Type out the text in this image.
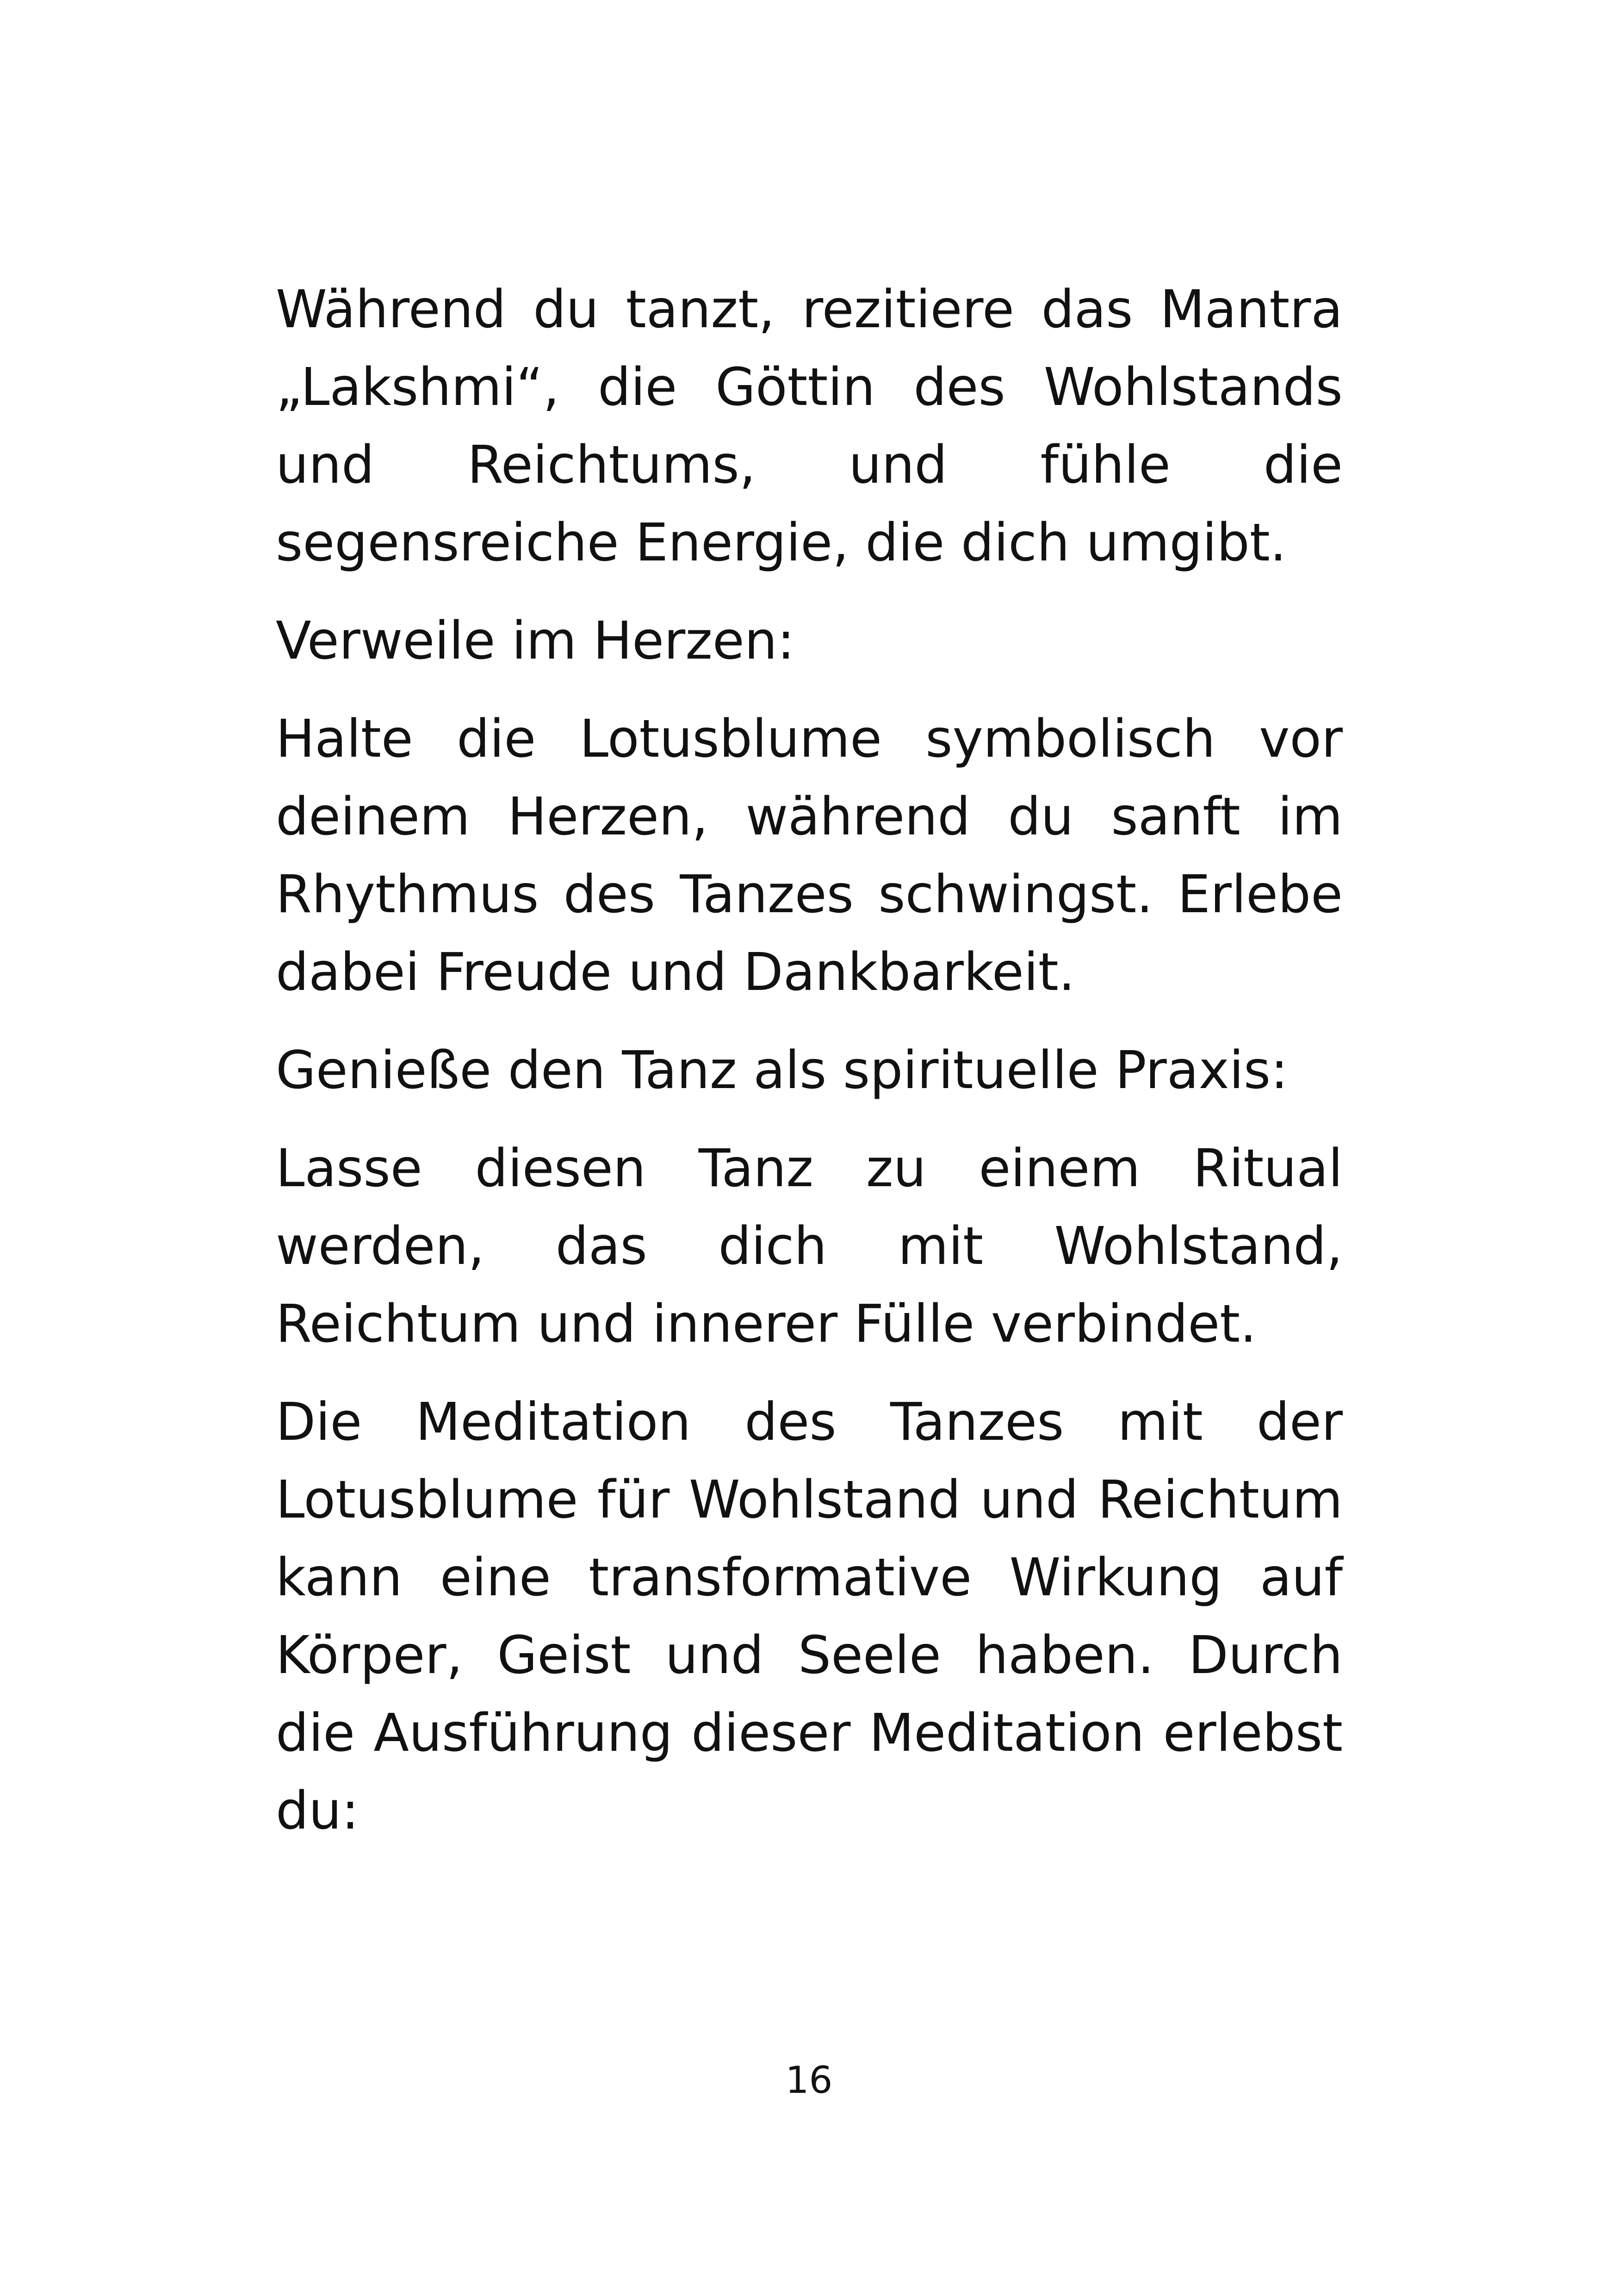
Während du tanzt, rezitiere das Mantra „Lakshmi“, die Göttin des Wohlstands und Reichtums, und fühle die segensreiche Energie, die dich umgibt.

Verweile im Herzen:

Halte die Lotusblume symbolisch vor deinem Herzen, während du sanft im Rhythmus des Tanzes schwingst. Erlebe dabei Freude und Dankbarkeit.

Genieße den Tanz als spirituelle Praxis:

Lasse diesen Tanz zu einem Ritual werden, das dich mit Wohlstand, Reichtum und innerer Fülle verbindet.

Die Meditation des Tanzes mit der Lotusblume für Wohlstand und Reichtum kann eine transformative Wirkung auf Körper, Geist und Seele haben. Durch die Ausführung dieser Meditation erlebst du:

16
